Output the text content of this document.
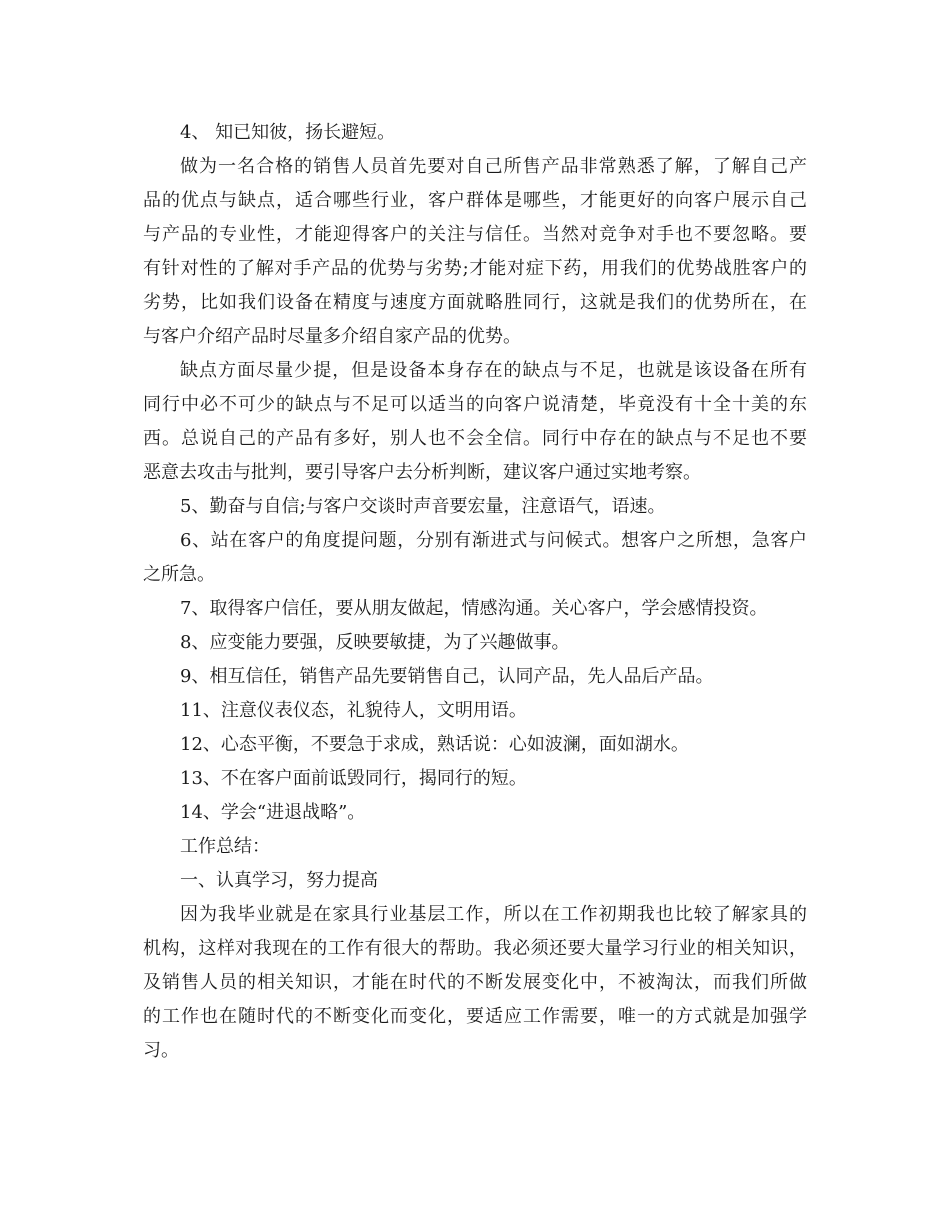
4、 知已知彼，扬长避短。
做为一名合格的销售人员首先要对自己所售产品非常熟悉了解，了解自己产
品的优点与缺点，适合哪些行业，客户群体是哪些，才能更好的向客户展示自己
与产品的专业性，才能迎得客户的关注与信任。当然对竞争对手也不要忽略。要
有针对性的了解对手产品的优势与劣势;才能对症下药，用我们的优势战胜客户的
劣势，比如我们设备在精度与速度方面就略胜同行，这就是我们的优势所在，在
与客户介绍产品时尽量多介绍自家产品的优势。
缺点方面尽量少提，但是设备本身存在的缺点与不足，也就是该设备在所有
同行中必不可少的缺点与不足可以适当的向客户说清楚，毕竟没有十全十美的东
西。总说自己的产品有多好，别人也不会全信。同行中存在的缺点与不足也不要
恶意去攻击与批判，要引导客户去分析判断，建议客户通过实地考察。
5、勤奋与自信;与客户交谈时声音要宏量，注意语气，语速。
6、站在客户的角度提问题，分别有渐进式与问候式。想客户之所想，急客户
之所急。
7、取得客户信任，要从朋友做起，情感沟通。关心客户，学会感情投资。
8、应变能力要强，反映要敏捷，为了兴趣做事。
9、相互信任，销售产品先要销售自己，认同产品，先人品后产品。
11、注意仪表仪态，礼貌待人，文明用语。
12、心态平衡，不要急于求成，熟话说：心如波澜，面如湖水。
13、不在客户面前诋毁同行，揭同行的短。
14、学会“进退战略”。
工作总结：
一、认真学习，努力提高
因为我毕业就是在家具行业基层工作，所以在工作初期我也比较了解家具的
机构，这样对我现在的工作有很大的帮助。我必须还要大量学习行业的相关知识，
及销售人员的相关知识，才能在时代的不断发展变化中，不被淘汰，而我们所做
的工作也在随时代的不断变化而变化，要适应工作需要，唯一的方式就是加强学
习。
